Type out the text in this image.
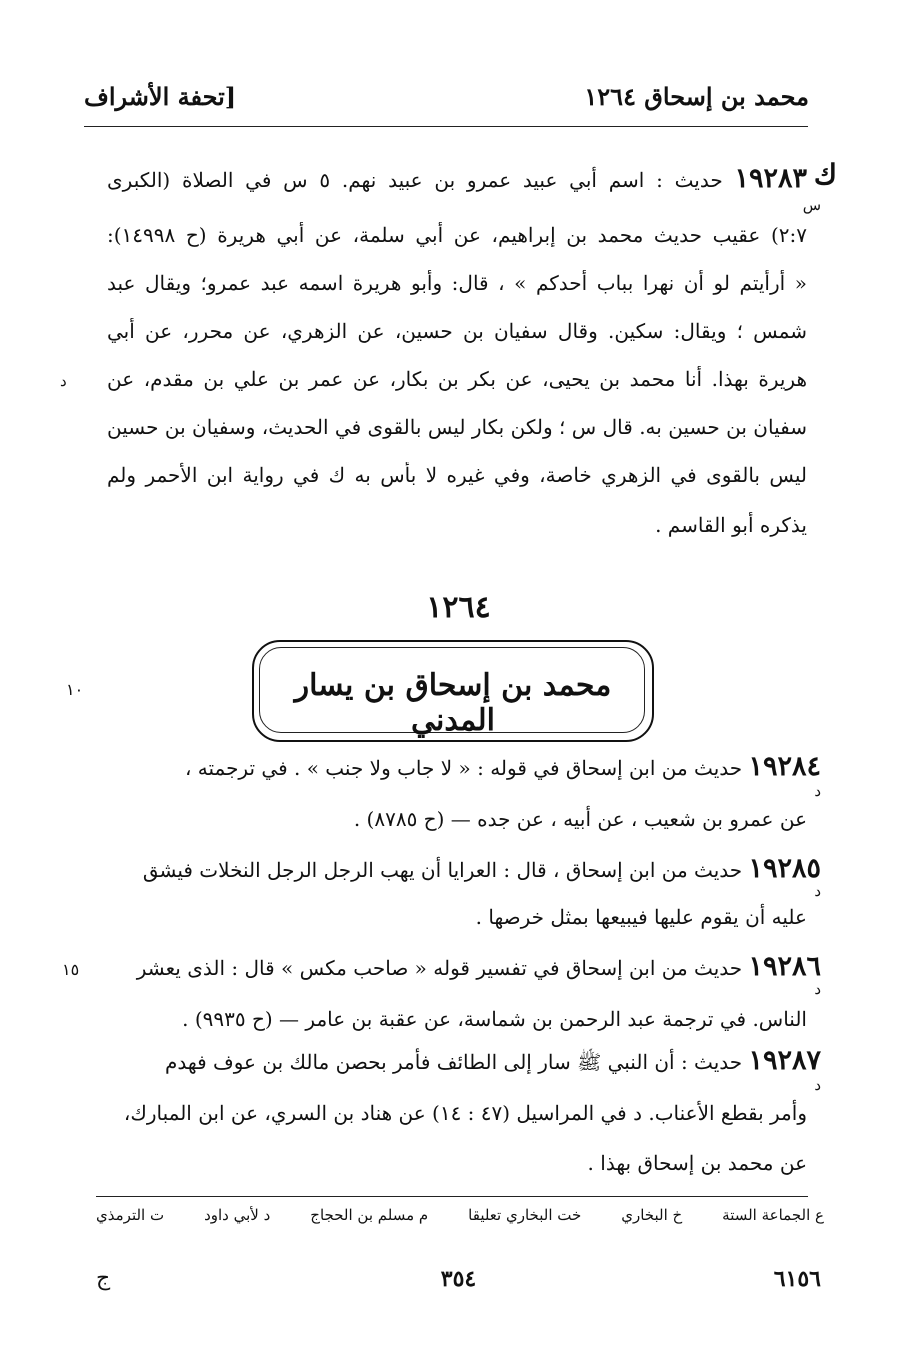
محمد بن إسحاق ١٢٦٤
[تحفة الأشراف
ك
س
١٩٢٨٣ حديث : اسم أبي عبيد عمرو بن عبيد نهم. ٥ س في الصلاة (الكبرى
٢:٧) عقيب حديث محمد بن إبراهيم، عن أبي سلمة، عن أبي هريرة (ح ١٤٩٩٨):
« أرأيتم لو أن نهرا بباب أحدكم » ، قال: وأبو هريرة اسمه عبد عمرو؛ ويقال عبد
شمس ؛ ويقال: سكين. وقال سفيان بن حسين، عن الزهري، عن محرر، عن أبي
هريرة بهذا. أنا محمد بن يحيى، عن بكر بن بكار، عن عمر بن علي بن مقدم، عن
د
سفيان بن حسين به. قال س ؛ ولكن بكار ليس بالقوى في الحديث، وسفيان بن حسين
ليس بالقوى في الزهري خاصة، وفي غيره لا بأس به ك في رواية ابن الأحمر ولم
يذكره أبو القاسم .
١٢٦٤
محمد بن إسحاق بن يسار المدني
١٠
١٩٢٨٤ حديث من ابن إسحاق في قوله : « لا جاب ولا جنب » . في ترجمته ،
د
عن عمرو بن شعيب ، عن أبيه ، عن جده — (ح ٨٧٨٥) .
١٩٢٨٥ حديث من ابن إسحاق ، قال : العرايا أن يهب الرجل الرجل النخلات فيشق
د
عليه أن يقوم عليها فيبيعها بمثل خرصها .
١٩٢٨٦ حديث من ابن إسحاق في تفسير قوله « صاحب مكس » قال : الذى يعشر
١٥
د
الناس. في ترجمة عبد الرحمن بن شماسة، عن عقبة بن عامر — (ح ٩٩٣٥) .
١٩٢٨٧ حديث : أن النبي ﷺ سار إلى الطائف فأمر بحصن مالك بن عوف فهدم
د
وأمر بقطع الأعناب. د في المراسيل (٤٧ : ١٤) عن هناد بن السري، عن ابن المبارك،
عن محمد بن إسحاق بهذا .
ع الجماعة الستة
خ البخاري
خت البخاري تعليقا
م مسلم بن الحجاج
د لأبي داود
ت الترمذي
٦١٥٦
٣٥٤
ج
